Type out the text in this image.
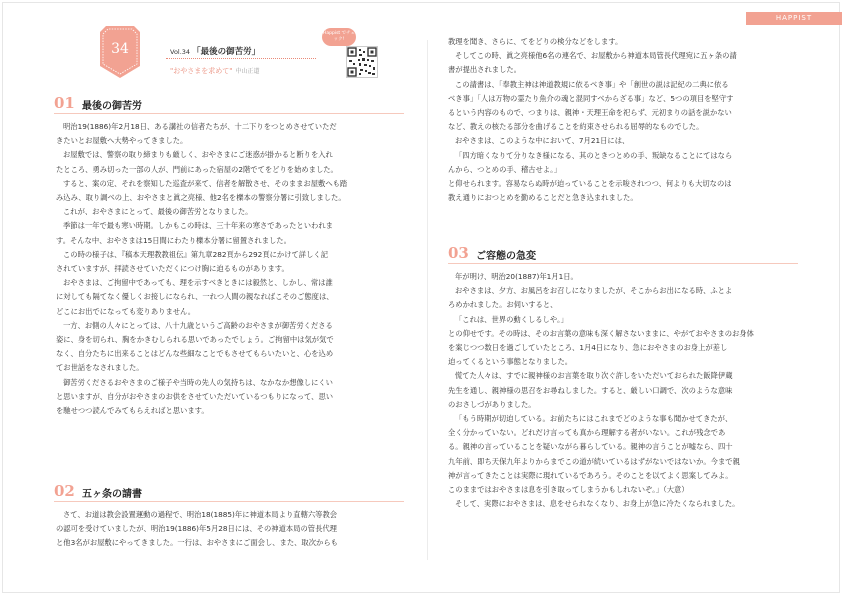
HAPPIST
34	Vol.34 「最後の御苦労」
"おやさまを求めて" 中山正道
Happist でチェック!
01 最後の御苦労
明治19(1886)年2月18日、ある講社の信者たちが、十二下りをつとめさせていただ
きたいとお屋敷へ大勢やってきました。
お屋敷では、警察の取り締まりも厳しく、おやさまにご迷惑が掛かると断りを入れ
たところ、勇み切った一部の人が、門前にあった宿屋の2階でてをどりを始めました。
すると、案の定、それを察知した巡査が来て、信者を解散させ、そのままお屋敷へも踏
み込み、取り調べの上、おやさまと眞之亮様、他2名を櫟本の警察分署に引致しました。
これが、おやさまにとって、最後の御苦労となりました。
季節は一年で最も寒い時期。しかもこの時は、三十年来の寒さであったといわれま
す。そんな中、おやさまは15日間にわたり櫟本分署に留置されました。
この時の様子は、『稿本天理教教祖伝』第九章282頁から292頁にかけて詳しく記
されていますが、拝読させていただくにつけ胸に迫るものがあります。
おやさまは、ご拘留中であっても、理を示すべきときには毅然と、しかし、常は誰
に対しても隔てなく優しくお接しになられ、一れつ人間の親なればこそのご態度は、
どこにお出でになっても変りありません。
一方、お側の人々にとっては、八十九歳というご高齢のおやさまが御苦労くださる
姿に、身を切られ、胸をかきむしられる思いであったでしょう。ご拘留中は気が気で
なく、自分たちに出来ることはどんな些細なことでもさせてもらいたいと、心を込め
てお世話をなされました。
御苦労くださるおやさまのご様子や当時の先人の気持ちは、なかなか想像しにくい
と思いますが、自分がおやさまのお供をさせていただいているつもりになって、思い
を馳せつつ読んでみてもらえればと思います。
02 五ヶ条の請書
さて、お道は教会設置運動の過程で、明治18(1885)年に神道本局より直轄六等教会
の認可を受けていましたが、明治19(1886)年5月28日には、その神道本局の管長代理
と他3名がお屋敷にやってきました。一行は、おやさまにご面会し、また、取次からも
教理を聞き、さらに、てをどりの検分などをします。
そしてこの時、眞之亮様他6名の連名で、お屋敷から神道本局管長代理宛に五ヶ条の請
書が提出されました。
この請書は、「奉教主神は神道教規に依るべき事」や「創世の説は記紀の二典に依る
べき事」「人は万物の霊たり魚介の魂と混同すべからざる事」など、5つの項目を堅守す
るという内容のもので、つまりは、親神・天理王命を祀らず、元初まりの話を説かない
など、教えの核たる部分を曲げることを約束させられる屈辱的なものでした。
おやさまは、このような中において、7月21日には、
「四方暗くなりて分りなき様になる、其のときつとめの手、叛缺なることにてはなら
んから、つとめの手、稽古せよ。」
と仰せられます。容易ならぬ時が迫っていることを示唆されつつ、何よりも大切なのは
教え通りにおつとめを勤めることだと急き込まれました。
03 ご容態の急変
年が明け、明治20(1887)年1月1日。
おやさまは、夕方、お風呂をお召しになりましたが、そこからお出になる時、ふとよ
ろめかれました。お伺いすると、
「これは、世界の動くしるしや。」
との仰せです。その時は、そのお言葉の意味も深く解さないままに、やがておやさまのお身体
を案じつつ数日を過ごしていたところ、1月4日になり、急におやさまのお身上が差し
迫ってくるという事態となりました。
慌てた人々は、すでに親神様のお言葉を取り次ぐ許しをいただいておられた飯降伊蔵
先生を通し、親神様の思召をお尋ねしました。すると、厳しい口調で、次のような意味
のおさしづがありました。
「もう時期が切迫している。お前たちにはこれまでどのような事も聞かせてきたが、
全く分かっていない。どれだけ言っても真から理解する者がいない。これが残念であ
る。親神の言っていることを疑いながら暮らしている。親神の言うことが嘘なら、四十
九年前、即ち天保九年よりからまでこの道が続いているはずがないではないか。今まで親
神が言ってきたことは実際に現れているであろう。そのことを以てよく思案してみよ。
このままではおやさまは息を引き取ってしまうかもしれないぞ。」（大意）
そして、実際におやさまは、息をせられなくなり、お身上が急に冷たくなられました。
